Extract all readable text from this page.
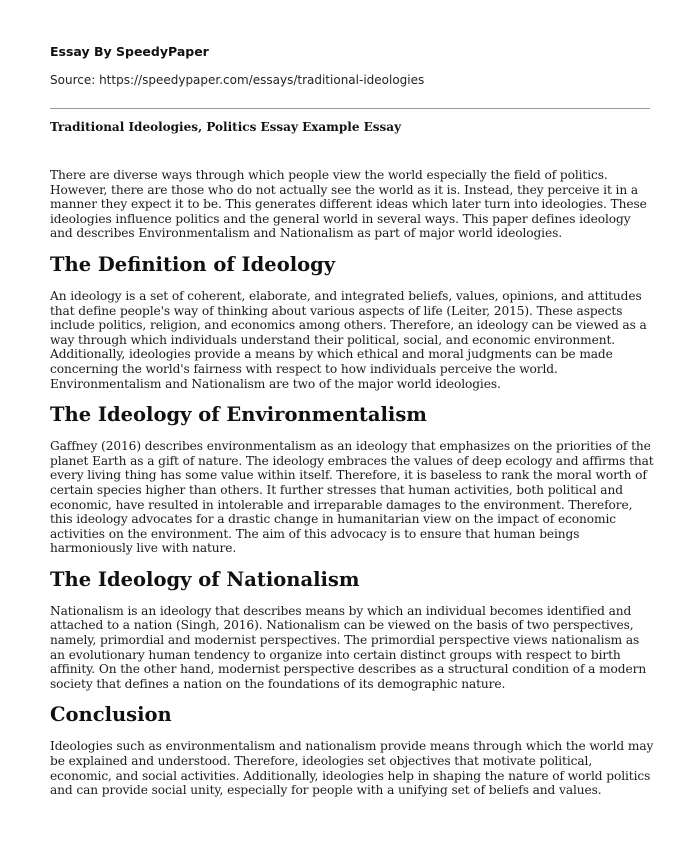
Essay By SpeedyPaper
Source: https://speedypaper.com/essays/traditional-ideologies
Traditional Ideologies, Politics Essay Example Essay

There are diverse ways through which people view the world especially the field of politics. However, there are those who do not actually see the world as it is. Instead, they perceive it in a manner they expect it to be. This generates different ideas which later turn into ideologies. These ideologies influence politics and the general world in several ways. This paper defines ideology and describes Environmentalism and Nationalism as part of major world ideologies.

The Definition of Ideology

An ideology is a set of coherent, elaborate, and integrated beliefs, values, opinions, and attitudes that define people's way of thinking about various aspects of life (Leiter, 2015). These aspects include politics, religion, and economics among others. Therefore, an ideology can be viewed as a way through which individuals understand their political, social, and economic environment. Additionally, ideologies provide a means by which ethical and moral judgments can be made concerning the world's fairness with respect to how individuals perceive the world. Environmentalism and Nationalism are two of the major world ideologies.

The Ideology of Environmentalism

Gaffney (2016) describes environmentalism as an ideology that emphasizes on the priorities of the planet Earth as a gift of nature. The ideology embraces the values of deep ecology and affirms that every living thing has some value within itself. Therefore, it is baseless to rank the moral worth of certain species higher than others. It further stresses that human activities, both political and economic, have resulted in intolerable and irreparable damages to the environment. Therefore, this ideology advocates for a drastic change in humanitarian view on the impact of economic activities on the environment. The aim of this advocacy is to ensure that human beings harmoniously live with nature.

The Ideology of Nationalism

Nationalism is an ideology that describes means by which an individual becomes identified and attached to a nation (Singh, 2016). Nationalism can be viewed on the basis of two perspectives, namely, primordial and modernist perspectives. The primordial perspective views nationalism as an evolutionary human tendency to organize into certain distinct groups with respect to birth affinity. On the other hand, modernist perspective describes as a structural condition of a modern society that defines a nation on the foundations of its demographic nature.

Conclusion

Ideologies such as environmentalism and nationalism provide means through which the world may be explained and understood. Therefore, ideologies set objectives that motivate political, economic, and social activities. Additionally, ideologies help in shaping the nature of world politics and can provide social unity, especially for people with a unifying set of beliefs and values.
